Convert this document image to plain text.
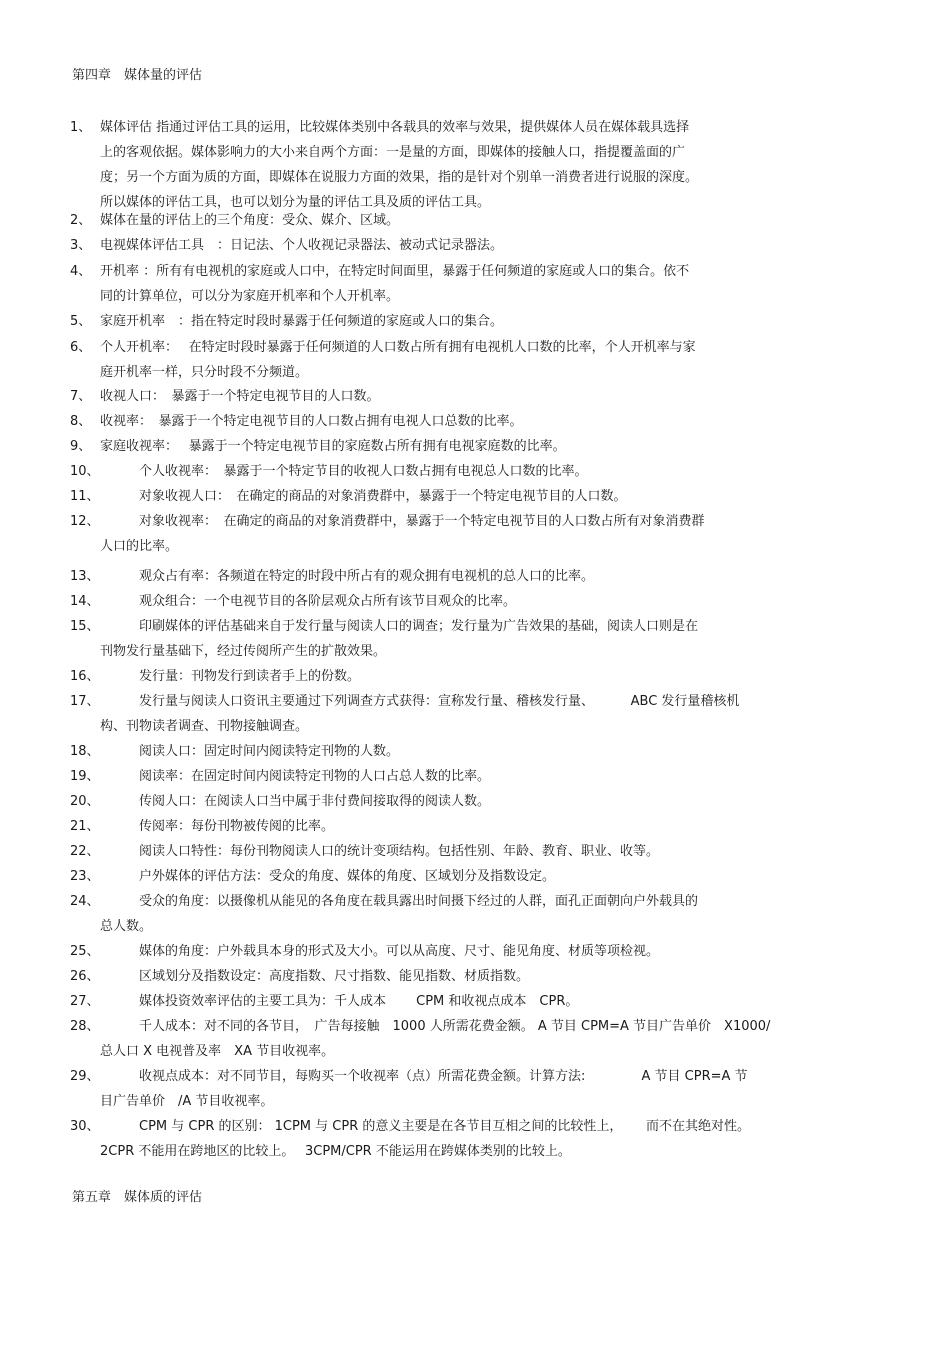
第四章　媒体量的评估
1、 媒体评估 指通过评估工具的运用，比较媒体类别中各载具的效率与效果，提供媒体人员在媒体载具选择
上的客观依据。媒体影响力的大小来自两个方面：一是量的方面，即媒体的接触人口，指提覆盖面的广
度；另一个方面为质的方面，即媒体在说服力方面的效果，指的是针对个别单一消费者进行说服的深度。
所以媒体的评估工具，也可以划分为量的评估工具及质的评估工具。
2、 媒体在量的评估上的三个角度：受众、媒介、区域。
3、 电视媒体评估工具　：日记法、个人收视记录器法、被动式记录器法。
4、 开机率 ：所有有电视机的家庭或人口中，在特定时间面里，暴露于任何频道的家庭或人口的集合。依不
同的计算单位，可以分为家庭开机率和个人开机率。
5、 家庭开机率　：指在特定时段时暴露于任何频道的家庭或人口的集合。
6、 个人开机率：　 在特定时段时暴露于任何频道的人口数占所有拥有电视机人口数的比率，个人开机率与家
庭开机率一样，只分时段不分频道。
7、 收视人口：　暴露于一个特定电视节目的人口数。
8、 收视率：　暴露于一个特定电视节目的人口数占拥有电视人口总数的比率。
9、 家庭收视率：　 暴露于一个特定电视节目的家庭数占所有拥有电视家庭数的比率。
10、	个人收视率：　暴露于一个特定节目的收视人口数占拥有电视总人口数的比率。
11、	对象收视人口：　在确定的商品的对象消费群中，暴露于一个特定电视节目的人口数。
12、	对象收视率：　在确定的商品的对象消费群中，暴露于一个特定电视节目的人口数占所有对象消费群
人口的比率。
13、	观众占有率：各频道在特定的时段中所占有的观众拥有电视机的总人口的比率。
14、	观众组合：一个电视节目的各阶层观众占所有该节目观众的比率。
15、	印刷媒体的评估基础来自于发行量与阅读人口的调查；发行量为广告效果的基础，阅读人口则是在
刊物发行量基础下，经过传阅所产生的扩散效果。
16、	发行量：刊物发行到读者手上的份数。
17、	发行量与阅读人口资讯主要通过下列调查方式获得：宣称发行量、稽核发行量、　　　 ABC 发行量稽核机
构、刊物读者调查、刊物接触调查。
18、	阅读人口：固定时间内阅读特定刊物的人数。
19、	阅读率：在固定时间内阅读特定刊物的人口占总人数的比率。
20、	传阅人口：在阅读人口当中属于非付费间接取得的阅读人数。
21、	传阅率：每份刊物被传阅的比率。
22、	阅读人口特性：每份刊物阅读人口的统计变项结构。包括性别、年龄、教育、职业、收等。
23、	户外媒体的评估方法：受众的角度、媒体的角度、区域划分及指数设定。
24、	受众的角度：以摄像机从能见的各角度在载具露出时间摄下经过的人群，面孔正面朝向户外载具的
总人数。
25、	媒体的角度：户外载具本身的形式及大小。可以从高度、尺寸、能见角度、材质等项检视。
26、	区域划分及指数设定：高度指数、尺寸指数、能见指数、材质指数。
27、	媒体投资效率评估的主要工具为：千人成本　　 CPM 和收视点成本　CPR。
28、	千人成本：对不同的各节目，　广告每接触　1000 人所需花费金额。 A 节目 CPM=A 节目广告单价　X1000/
总人口 X 电视普及率　XA 节目收视率。
29、	收视点成本：对不同节目，每购买一个收视率（点）所需花费金额。计算方法:　　　　 A 节目 CPR=A 节
目广告单价　/A 节目收视率。
30、	CPM 与 CPR 的区别： 1CPM 与 CPR 的意义主要是在各节目互相之间的比较性上，　　 而不在其绝对性。
2CPR 不能用在跨地区的比较上。　 3CPM/CPR 不能运用在跨媒体类别的比较上。
第五章　媒体质的评估
